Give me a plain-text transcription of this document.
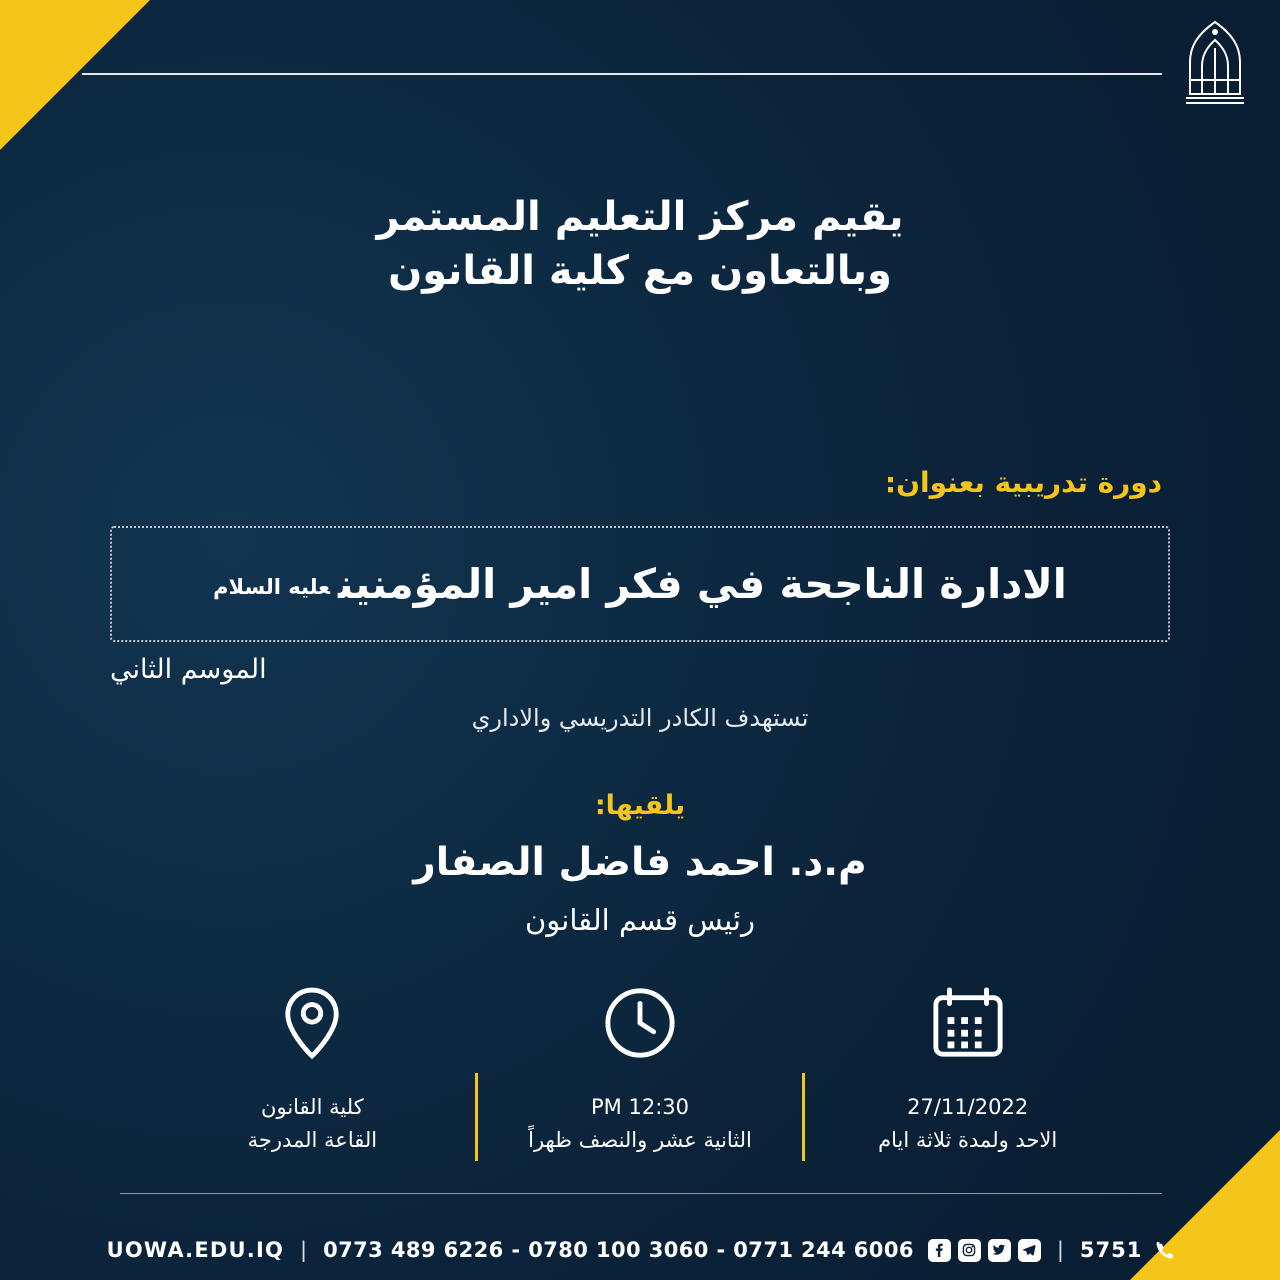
يقيم مركز التعليم المستمر
وبالتعاون مع كلية القانون
دورة تدريبية بعنوان:
الادارة الناجحة في فكر امير المؤمنينعليه السلام
الموسم الثاني
تستهدف الكادر التدريسي والاداري
يلقيها:
م.د. احمد فاضل الصفار
رئيس قسم القانون
كلية القانون
القاعة المدرجة
12:30 PM
الثانية عشر والنصف ظهراً
27/11/2022
الاحد ولمدة ثلاثة ايام
5751
|
0773 489 6226 - 0780 100 3060 - 0771 244 6006
|
UOWA.EDU.IQ
